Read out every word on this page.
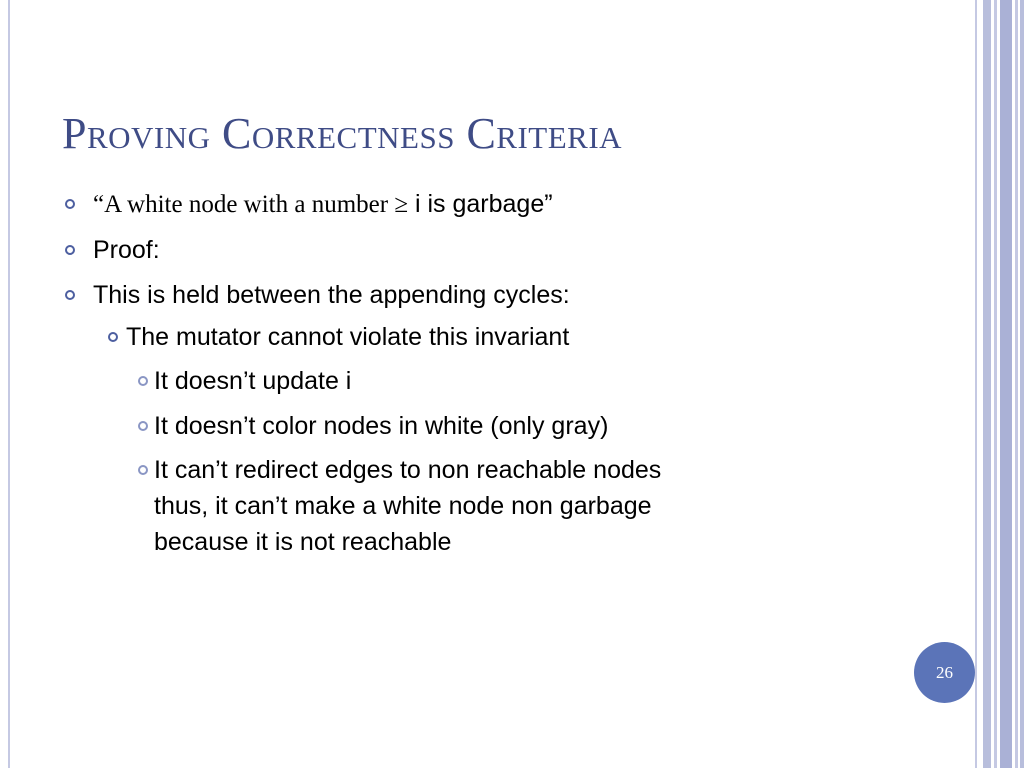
Proving Correctness Criteria
“A white node with a number ≥ i is garbage”
Proof:
This is held between the appending cycles:
The mutator cannot violate this invariant
It doesn’t update i
It doesn’t color nodes in white (only gray)
It can’t redirect edges to non reachable nodes
thus, it can’t make a white node non garbage
because it is not reachable
26
